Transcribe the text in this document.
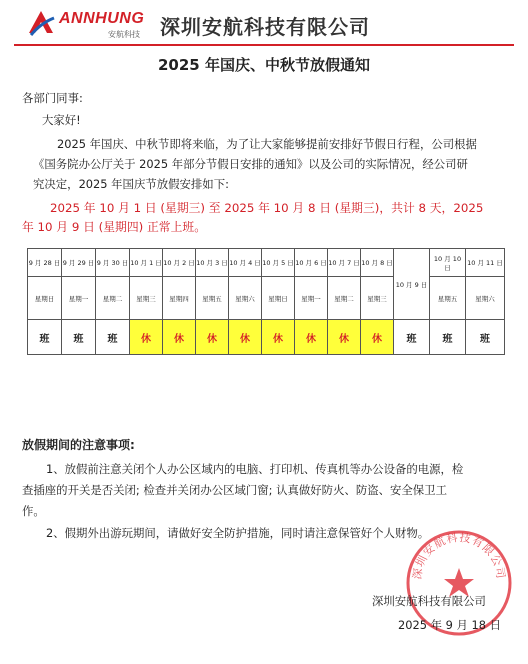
ANNHUNG
安航科技 深圳安航科技有限公司
2025 年国庆、中秋节放假通知
各部门同事:
大家好!
2025 年国庆、中秋节即将来临，为了让大家能够提前安排好节假日行程，公司根据
《国务院办公厅关于 2025 年部分节假日安排的通知》以及公司的实际情况，经公司研
究决定，2025 年国庆节放假安排如下:
2025 年 10 月 1 日 (星期三) 至 2025 年 10 月 8 日 (星期三)，共计 8 天，2025
年 10 月 9 日 (星期四) 正常上班。
9 月 28 日	9 月 29 日	9 月 30 日	10 月 1 日	10 月 2 日	10 月 3 日	10 月 4 日	10 月 5 日	10 月 6 日	10 月 7 日	10 月 8 日	10 月 9 日	10 月 10 日	10 月 11 日
星期日	星期一	星期二	星期三	星期四	星期五	星期六	星期日	星期一	星期二	星期三		星期五	星期六
班	班	班	休	休	休	休	休	休	休	休	班	班	班
放假期间的注意事项:
1、放假前注意关闭个人办公区域内的电脑、打印机、传真机等办公设备的电源，检
查插座的开关是否关闭; 检查并关闭办公区域门窗; 认真做好防火、防盗、安全保卫工
作。
2、假期外出游玩期间，请做好安全防护措施，同时请注意保管好个人财物。
深圳安航科技有限公司
深圳安航科技有限公司
2025 年 9 月 18 日
